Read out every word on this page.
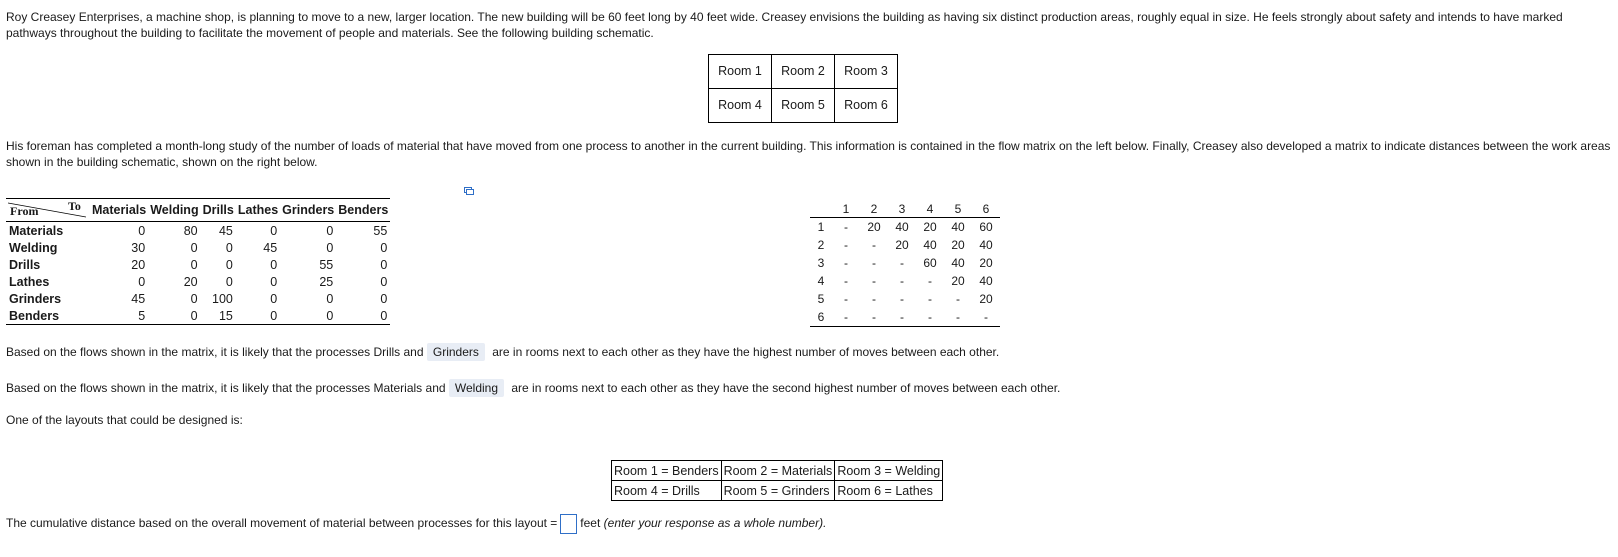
Roy Creasey Enterprises, a machine shop, is planning to move to a new, larger location. The new building will be 60 feet long by 40 feet wide. Creasey envisions the building as having six distinct production areas, roughly equal in size. He feels strongly about safety and intends to have marked pathways throughout the building to facilitate the movement of people and materials. See the following building schematic.
Room 1	Room 2	Room 3
Room 4	Room 5	Room 6
His foreman has completed a month-long study of the number of loads of material that have moved from one process to another in the current building. This information is contained in the flow matrix on the left below. Finally, Creasey also developed a matrix to indicate distances between the work areas shown in the building schematic, shown on the right below.
From To	Materials	Welding	Drills	Lathes	Grinders	Benders
Materials	0	80	45	0	0	55
Welding	30	0	0	45	0	0
Drills	20	0	0	0	55	0
Lathes	0	20	0	0	25	0
Grinders	45	0	100	0	0	0
Benders	5	0	15	0	0	0
	1	2	3	4	5	6
1	-	20	40	20	40	60
2	-	-	20	40	20	40
3	-	-	-	60	40	20
4	-	-	-	-	20	40
5	-	-	-	-	-	20
6	-	-	-	-	-	-
Based on the flows shown in the matrix, it is likely that the processes Drills and Grinders are in rooms next to each other as they have the highest number of moves between each other.
Based on the flows shown in the matrix, it is likely that the processes Materials and Welding are in rooms next to each other as they have the second highest number of moves between each other.
One of the layouts that could be designed is:
Room 1 = Benders	Room 2 = Materials	Room 3 = Welding
Room 4 = Drills	Room 5 = Grinders	Room 6 = Lathes
The cumulative distance based on the overall movement of material between processes for this layout = feet (enter your response as a whole number).
